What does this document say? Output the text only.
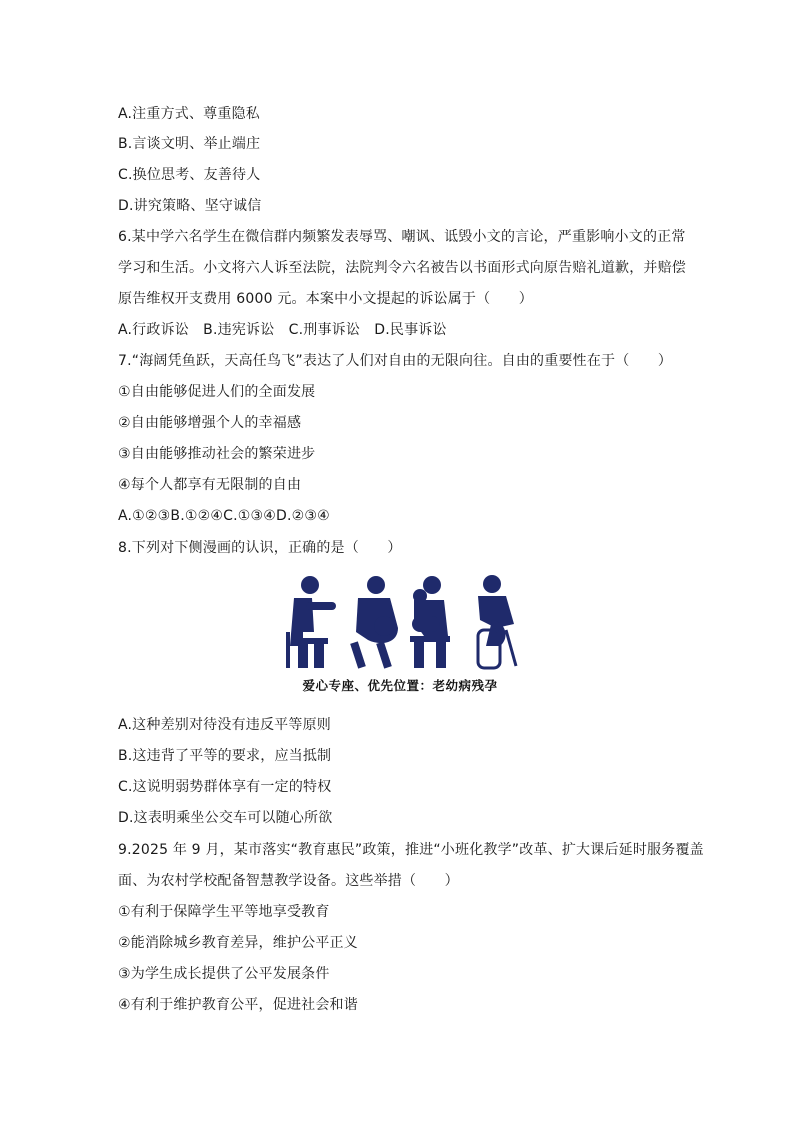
A.注重方式、尊重隐私
B.言谈文明、举止端庄
C.换位思考、友善待人
D.讲究策略、坚守诚信
6.某中学六名学生在微信群内频繁发表辱骂、嘲讽、诋毁小文的言论，严重影响小文的正常
学习和生活。小文将六人诉至法院，法院判令六名被告以书面形式向原告赔礼道歉，并赔偿
原告维权开支费用 6000 元。本案中小文提起的诉讼属于（　　）
A.行政诉讼　B.违宪诉讼　C.刑事诉讼　D.民事诉讼
7.“海阔凭鱼跃，天高任鸟飞”表达了人们对自由的无限向往。自由的重要性在于（　　）
①自由能够促进人们的全面发展
②自由能够增强个人的幸福感
③自由能够推动社会的繁荣进步
④每个人都享有无限制的自由
A.①②③B.①②④C.①③④D.②③④
8.下列对下侧漫画的认识，正确的是（　　）
爱心专座、优先位置：老幼病残孕
A.这种差别对待没有违反平等原则
B.这违背了平等的要求，应当抵制
C.这说明弱势群体享有一定的特权
D.这表明乘坐公交车可以随心所欲
9.2025 年 9 月，某市落实“教育惠民”政策，推进“小班化教学”改革、扩大课后延时服务覆盖
面、为农村学校配备智慧教学设备。这些举措（　　）
①有利于保障学生平等地享受教育
②能消除城乡教育差异，维护公平正义
③为学生成长提供了公平发展条件
④有利于维护教育公平，促进社会和谐
